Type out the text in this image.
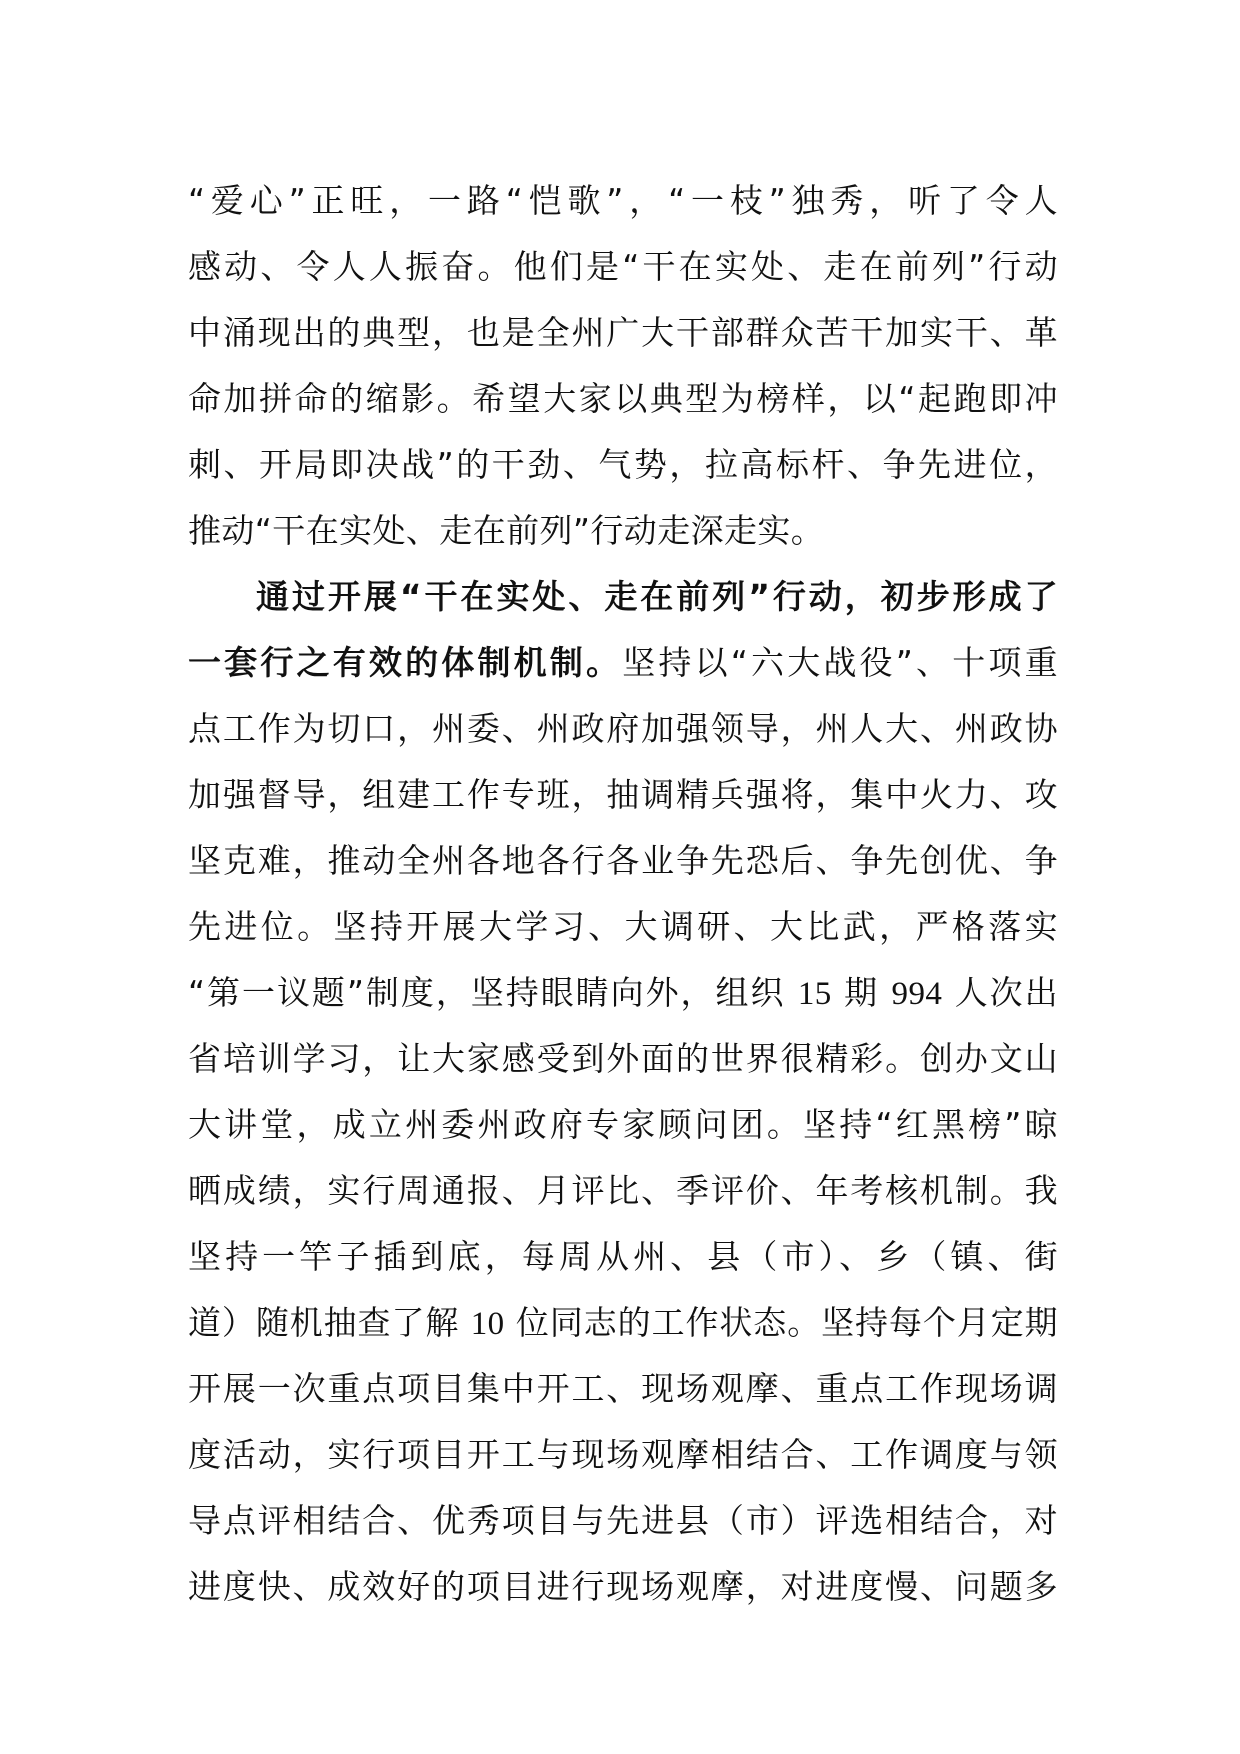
“爱心”正旺，一路“恺歌”，“一枝”独秀，听了令人
感动、令人人振奋。他们是“干在实处、走在前列”行动
中涌现出的典型，也是全州广大干部群众苦干加实干、革
命加拼命的缩影。希望大家以典型为榜样，以“起跑即冲
刺、开局即决战”的干劲、气势，拉高标杆、争先进位，
推动“干在实处、走在前列”行动走深走实。
通过开展“干在实处、走在前列”行动，初步形成了
一套行之有效的体制机制。坚持以“六大战役”、十项重
点工作为切口，州委、州政府加强领导，州人大、州政协
加强督导，组建工作专班，抽调精兵强将，集中火力、攻
坚克难，推动全州各地各行各业争先恐后、争先创优、争
先进位。坚持开展大学习、大调研、大比武，严格落实
“第一议题”制度，坚持眼睛向外，组织 15 期 994 人次出
省培训学习，让大家感受到外面的世界很精彩。创办文山
大讲堂，成立州委州政府专家顾问团。坚持“红黑榜”晾
晒成绩，实行周通报、月评比、季评价、年考核机制。我
坚持一竿子插到底，每周从州、县（市）、乡（镇、街
道）随机抽查了解 10 位同志的工作状态。坚持每个月定期
开展一次重点项目集中开工、现场观摩、重点工作现场调
度活动，实行项目开工与现场观摩相结合、工作调度与领
导点评相结合、优秀项目与先进县（市）评选相结合，对
进度快、成效好的项目进行现场观摩，对进度慢、问题多
